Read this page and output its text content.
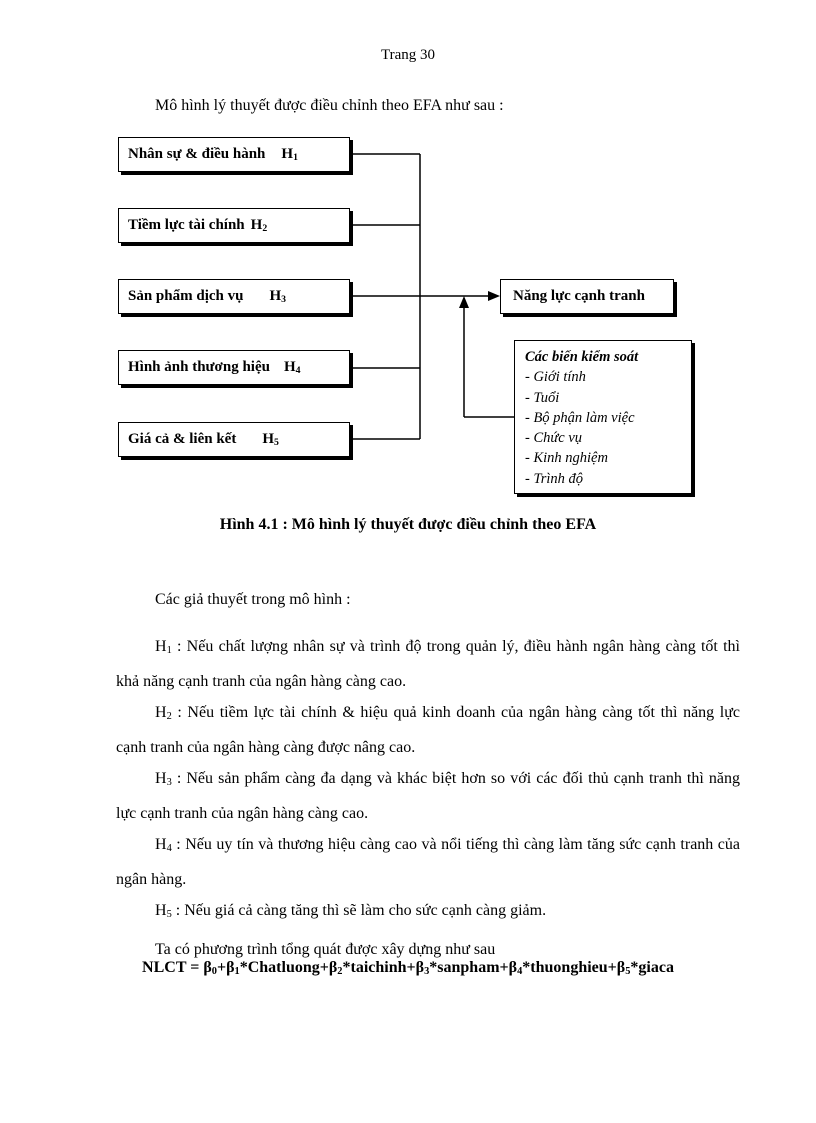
Trang 30
Mô hình lý thuyết được điều chỉnh theo EFA như sau :
Nhân sự & điều hành $H_1$
Tiềm lực tài chính $H_2$
Sản phẩm dịch vụ $H_3$
Hình ảnh thương hiệu $H_4$
Giá cả & liên kết $H_5$
Năng lực cạnh tranh
Các biến kiểm soát
- Giới tính
- Tuổi
- Bộ phận làm việc
- Chức vụ
- Kinh nghiệm
- Trình độ
Hình 4.1 : Mô hình lý thuyết được điều chỉnh theo EFA

Các giả thuyết trong mô hình :

$H_1$ : Nếu chất lượng nhân sự và trình độ trong quản lý, điều hành ngân hàng càng tốt thì khả năng cạnh tranh của ngân hàng càng cao.

$H_2$ : Nếu tiềm lực tài chính & hiệu quả kinh doanh của ngân hàng càng tốt thì năng lực cạnh tranh của ngân hàng càng được nâng cao.

$H_3$ : Nếu sản phẩm càng đa dạng và khác biệt hơn so với các đối thủ cạnh tranh thì năng lực cạnh tranh của ngân hàng càng cao.

$H_4$ : Nếu uy tín và thương hiệu càng cao và nổi tiếng thì càng làm tăng sức cạnh tranh của ngân hàng.

$H_5$ : Nếu giá cả càng tăng thì sẽ làm cho sức cạnh càng giảm.

Ta có phương trình tổng quát được xây dựng như sau

NLCT = $\beta_0+\beta_1*Chatluong+\beta_2*taichinh+\beta_3*sanpham+\beta_4*thuonghieu+\beta_5*giaca$
